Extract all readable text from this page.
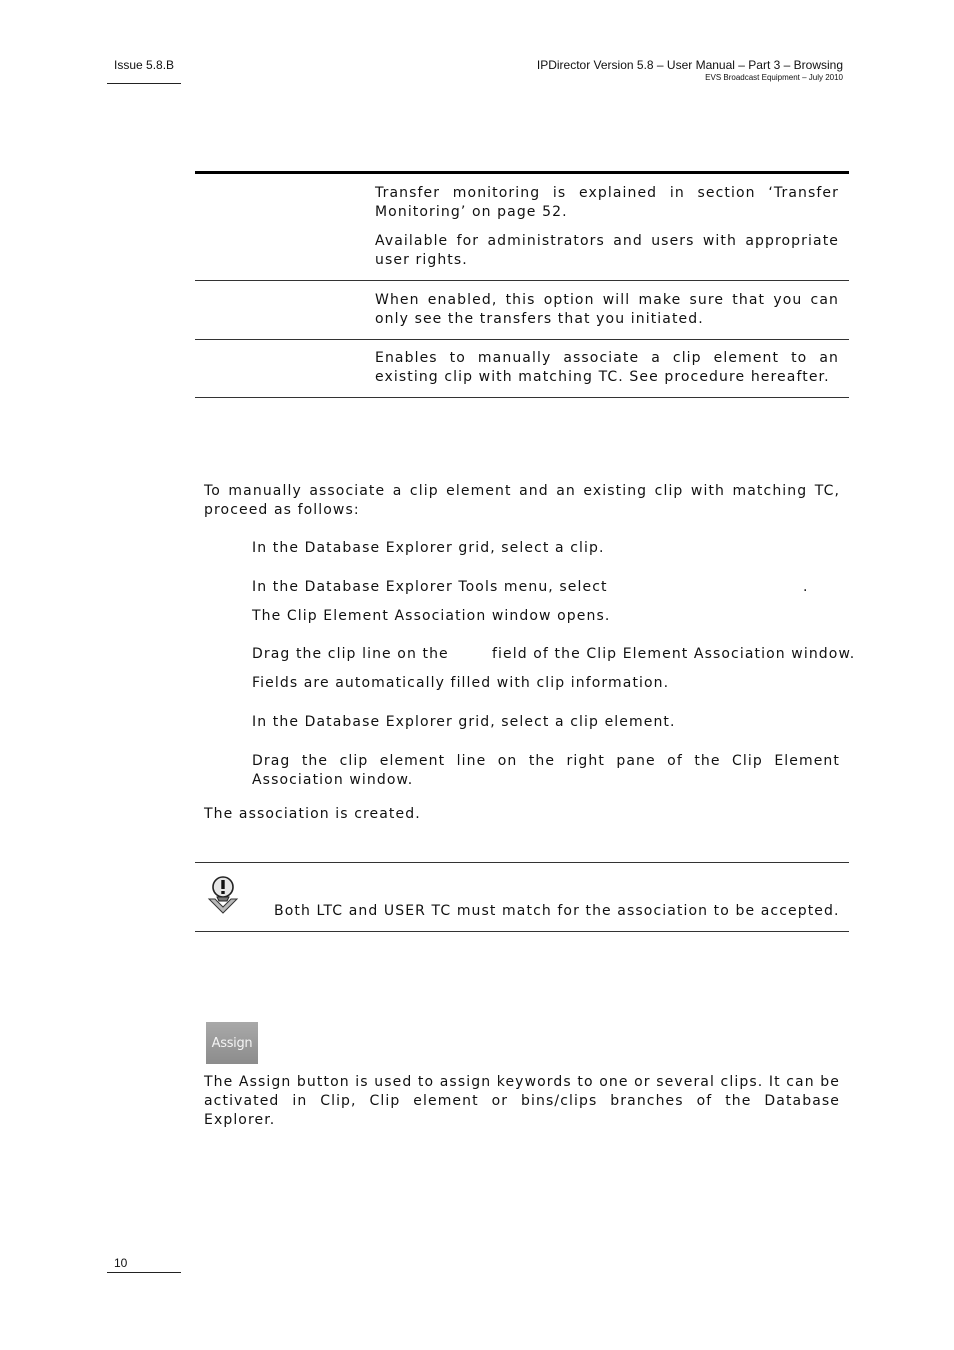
Issue 5.8.B	IPDirector Version 5.8 – User Manual – Part 3 – Browsing
EVS Broadcast Equipment – July 2010
Transfer monitoring is explained in section ‘Transfer Monitoring’ on page 52.
Available for administrators and users with appropriate user rights.
When enabled, this option will make sure that you can only see the transfers that you initiated.
Enables to manually associate a clip element to an existing clip with matching TC. See procedure hereafter.
To manually associate a clip element and an existing clip with matching TC, proceed as follows:
In the Database Explorer grid, select a clip.
In the Database Explorer Tools menu, select	.
The Clip Element Association window opens.
Drag the clip line on the	field of the Clip Element Association window.
Fields are automatically filled with clip information.
In the Database Explorer grid, select a clip element.
Drag the clip element line on the right pane of the Clip Element Association window.
The association is created.
Both LTC and USER TC must match for the association to be accepted.
Assign
The Assign button is used to assign keywords to one or several clips. It can be activated in Clip, Clip element or bins/clips branches of the Database Explorer.
10
